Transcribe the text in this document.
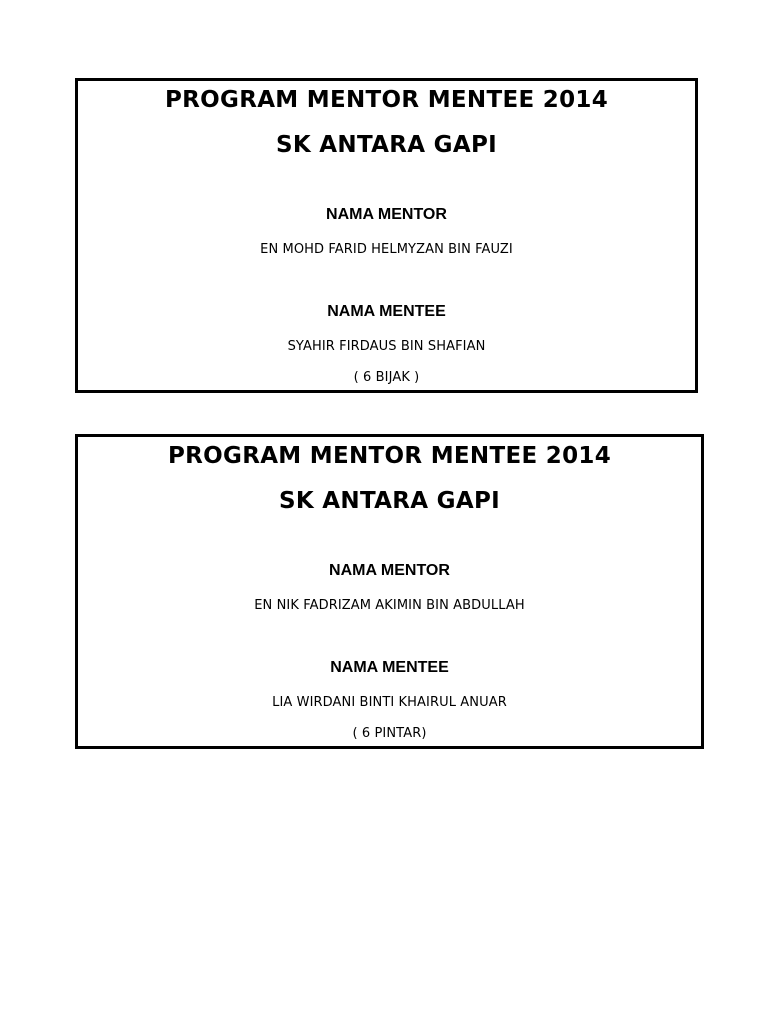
PROGRAM MENTOR MENTEE 2014
SK ANTARA GAPI
NAMA MENTOR
EN MOHD FARID HELMYZAN BIN FAUZI
NAMA MENTEE
SYAHIR FIRDAUS BIN SHAFIAN
( 6 BIJAK )
PROGRAM MENTOR MENTEE 2014
SK ANTARA GAPI
NAMA MENTOR
EN NIK FADRIZAM AKIMIN BIN ABDULLAH
NAMA MENTEE
LIA WIRDANI BINTI KHAIRUL ANUAR
( 6 PINTAR)
